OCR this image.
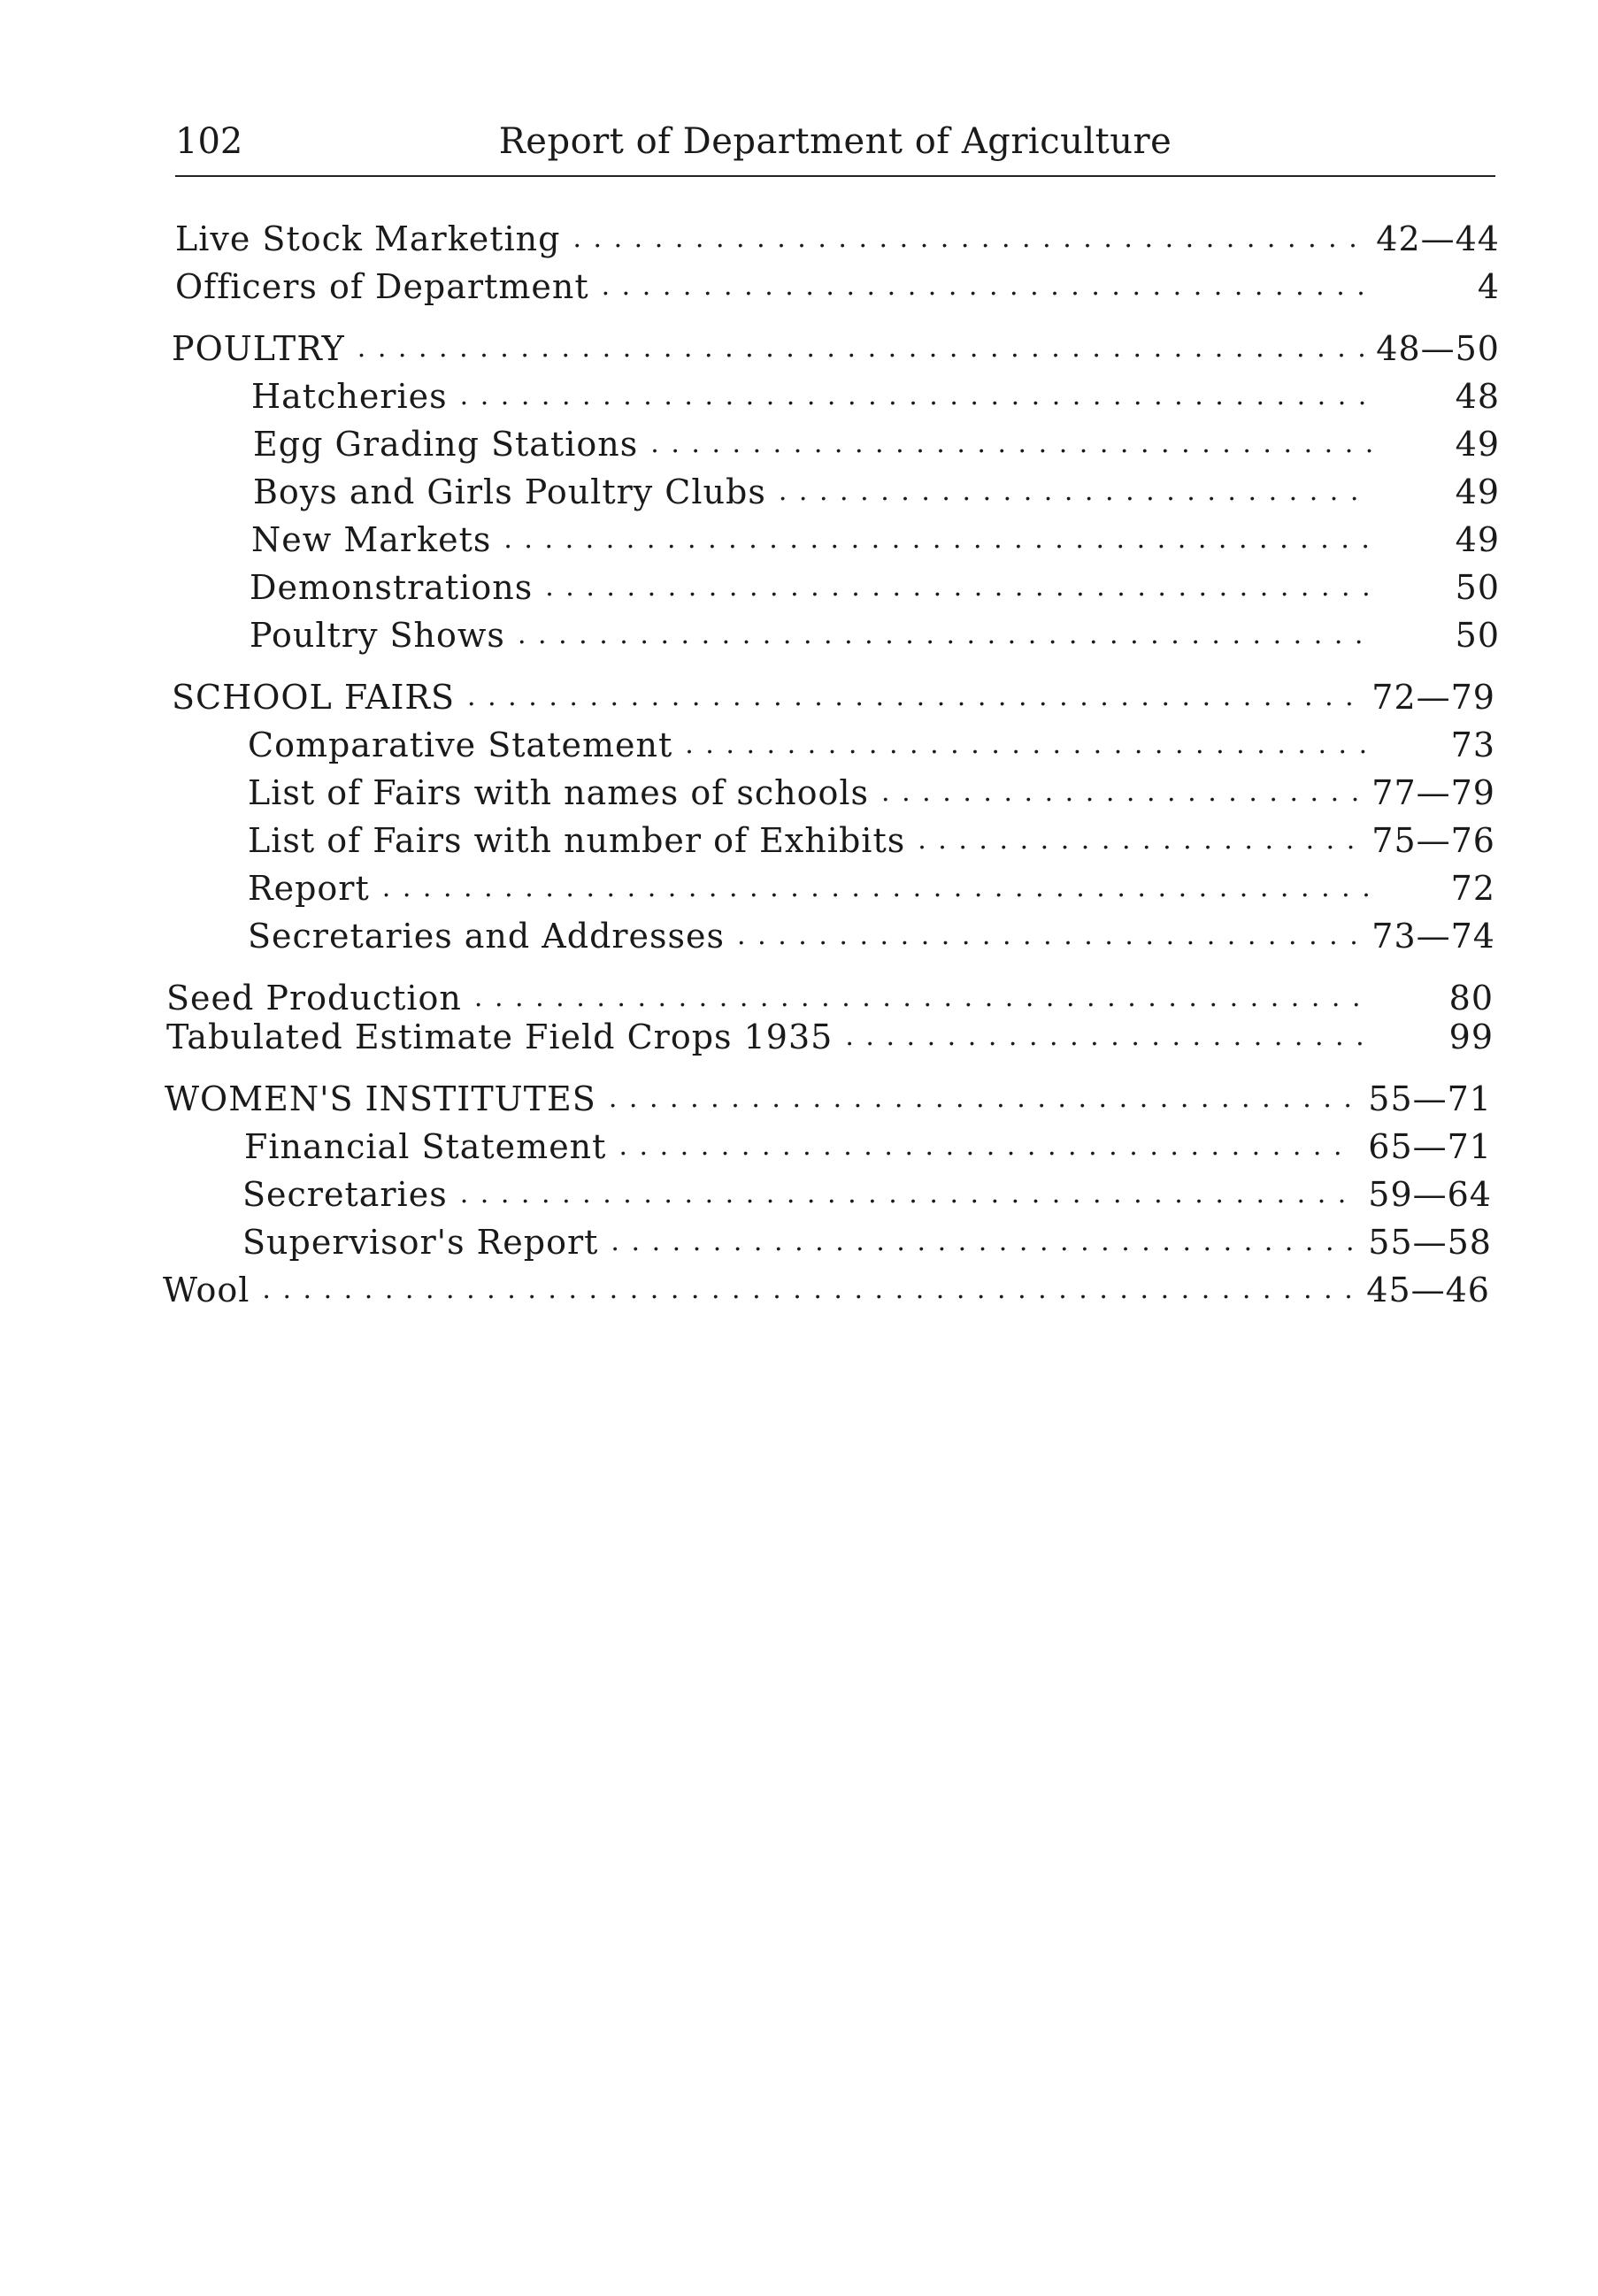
102	Report of Department of Agriculture
Live Stock Marketing . . .	42—44
Officers of Department . . .	4
POULTRY . . .	48—50
Hatcheries . . .	48
Egg Grading Stations . . .	49
Boys and Girls Poultry Clubs . . .	49
New Markets . . .	49
Demonstrations . . .	50
Poultry Shows . . .	50
SCHOOL FAIRS . . .	72—79
Comparative Statement . . .	73
List of Fairs with names of schools . . .	77—79
List of Fairs with number of Exhibits . . .	75—76
Report . . .	72
Secretaries and Addresses . . .	73—74
Seed Production . . .	80
Tabulated Estimate Field Crops 1935 . . .	99
WOMEN'S INSTITUTES . . .	55—71
Financial Statement . . .	65—71
Secretaries . . .	59—64
Supervisor's Report . . .	55—58
Wool . . .	45—46
